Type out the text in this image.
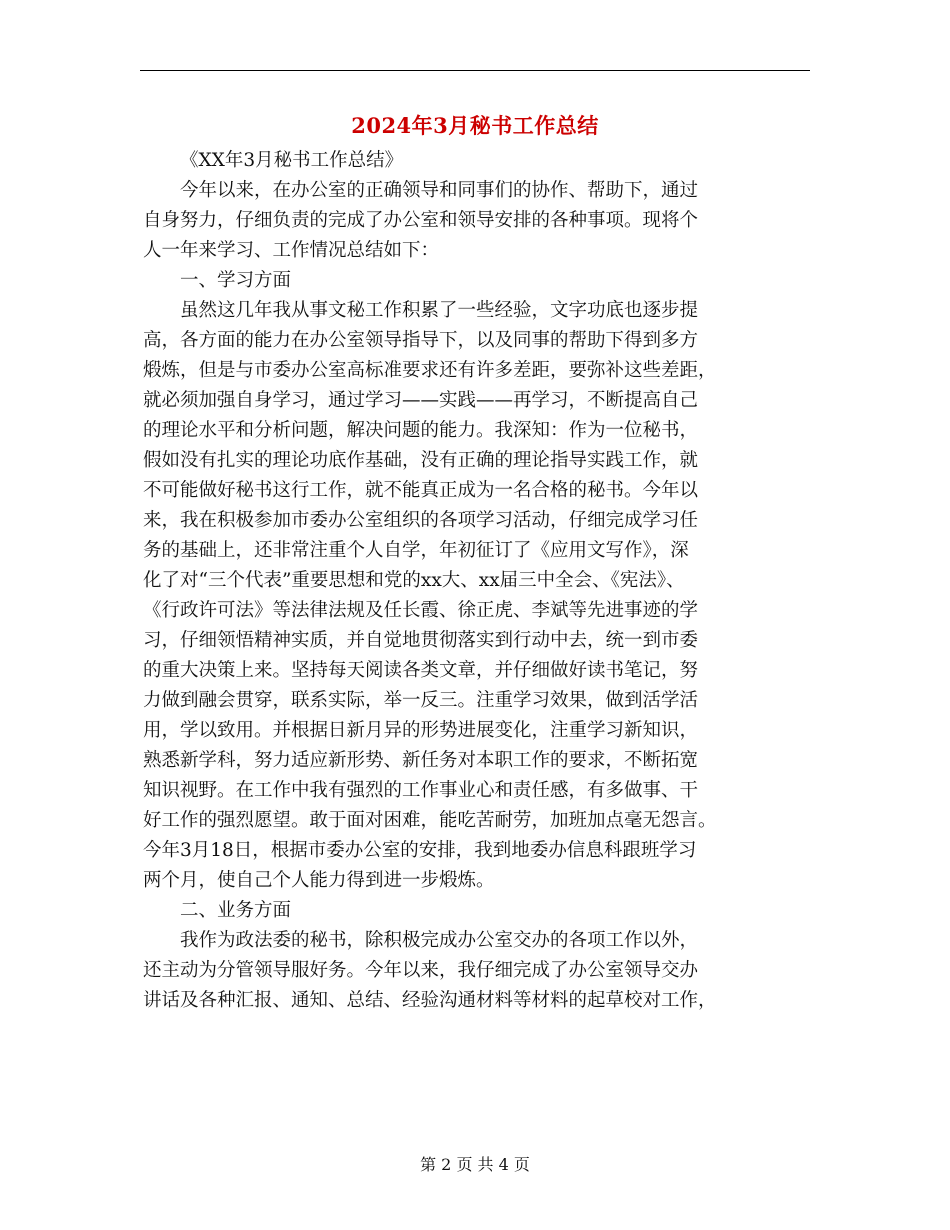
2024年3月秘书工作总结

《XX年3月秘书工作总结》

今年以来，在办公室的正确领导和同事们的协作、帮助下，通过
自身努力，仔细负责的完成了办公室和领导安排的各种事项。现将个
人一年来学习、工作情况总结如下：

一、学习方面

虽然这几年我从事文秘工作积累了一些经验，文字功底也逐步提
高，各方面的能力在办公室领导指导下，以及同事的帮助下得到多方
煅炼，但是与市委办公室高标准要求还有许多差距，要弥补这些差距，
就必须加强自身学习，通过学习——实践——再学习，不断提高自己
的理论水平和分析问题，解决问题的能力。我深知：作为一位秘书，
假如没有扎实的理论功底作基础，没有正确的理论指导实践工作，就
不可能做好秘书这行工作，就不能真正成为一名合格的秘书。今年以
来，我在积极参加市委办公室组织的各项学习活动，仔细完成学习任
务的基础上，还非常注重个人自学，年初征订了《应用文写作》，深
化了对“三个代表”重要思想和党的xx大、xx届三中全会、《宪法》、
《行政许可法》等法律法规及任长霞、徐正虎、李斌等先进事迹的学
习，仔细领悟精神实质，并自觉地贯彻落实到行动中去，统一到市委
的重大决策上来。坚持每天阅读各类文章，并仔细做好读书笔记，努
力做到融会贯穿，联系实际，举一反三。注重学习效果，做到活学活
用，学以致用。并根据日新月异的形势进展变化，注重学习新知识，
熟悉新学科，努力适应新形势、新任务对本职工作的要求，不断拓宽
知识视野。在工作中我有强烈的工作事业心和责任感，有多做事、干
好工作的强烈愿望。敢于面对困难，能吃苦耐劳，加班加点毫无怨言。
今年3月18日，根据市委办公室的安排，我到地委办信息科跟班学习
两个月，使自己个人能力得到进一步煅炼。

二、业务方面

我作为政法委的秘书，除积极完成办公室交办的各项工作以外，
还主动为分管领导服好务。今年以来，我仔细完成了办公室领导交办
讲话及各种汇报、通知、总结、经验沟通材料等材料的起草校对工作，

第 2 页 共 4 页
